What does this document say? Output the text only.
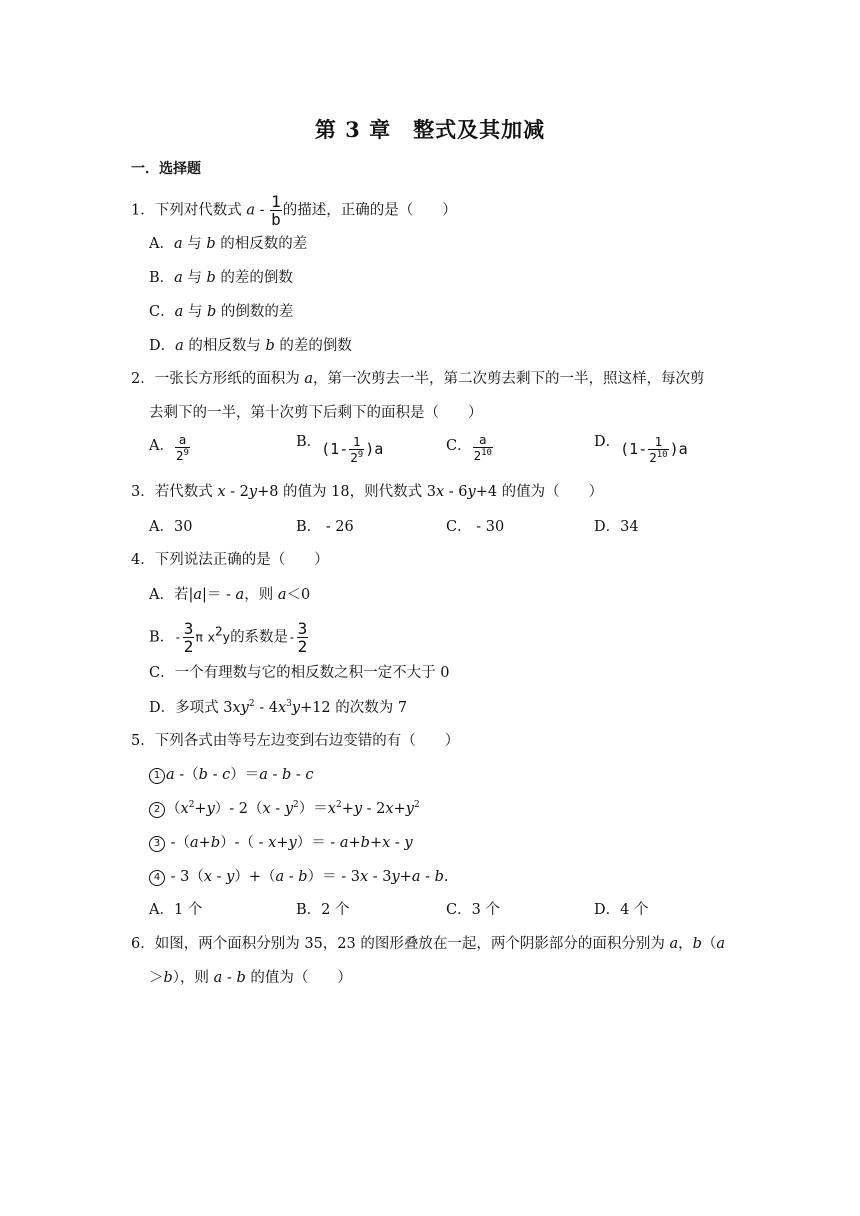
第 3 章　整式及其加减
一．选择题
1．下列对代数式 a - $\frac{1}{b}$ 的描述，正确的是（　　）
A．a 与 b 的相反数的差
B．a 与 b 的差的倒数
C．a 与 b 的倒数的差
D．a 的相反数与 b 的差的倒数
2．一张长方形纸的面积为 a，第一次剪去一半，第二次剪去剩下的一半，照这样，每次剪
去剩下的一半，第十次剪下后剩下的面积是（　　）
A． $\frac{a}{2^9}$	B．$(1- \frac{1}{2^9} )a$	C． $\frac{a}{2^{10}}$	D．$(1- \frac{1}{2^{10}} )a$
3．若代数式 x - 2y+8 的值为 18，则代数式 3x - 6y+4 的值为（　　）
A．30	B． - 26	C． - 30	D．34
4．下列说法正确的是（　　）
A．若|a|＝ - a，则 a＜0
B．- $\frac{3}{2}$ π $x^2y$的系数是- $\frac{3}{2}$
C．一个有理数与它的相反数之积一定不大于 0
D．多项式 $3xy^2 - 4x^3y+12$ 的次数为 7
5．下列各式由等号左边变到右边变错的有（　　）
1 a -（b - c）＝a - b - c
2 $(x^2+y)-$ $2(x - y^2)=x^2+y - 2x+y^2$
3 -（a+b）-（ - x+y）＝ - a+b+x - y
4 - 3（x - y）+（a - b）＝ - 3x - 3y+a - b.
A．1 个	B．2 个	C．3 个	D．4 个
6．如图，两个面积分别为 35，23 的图形叠放在一起，两个阴影部分的面积分别为 a，b（a
＞b），则 a - b 的值为（　　）
